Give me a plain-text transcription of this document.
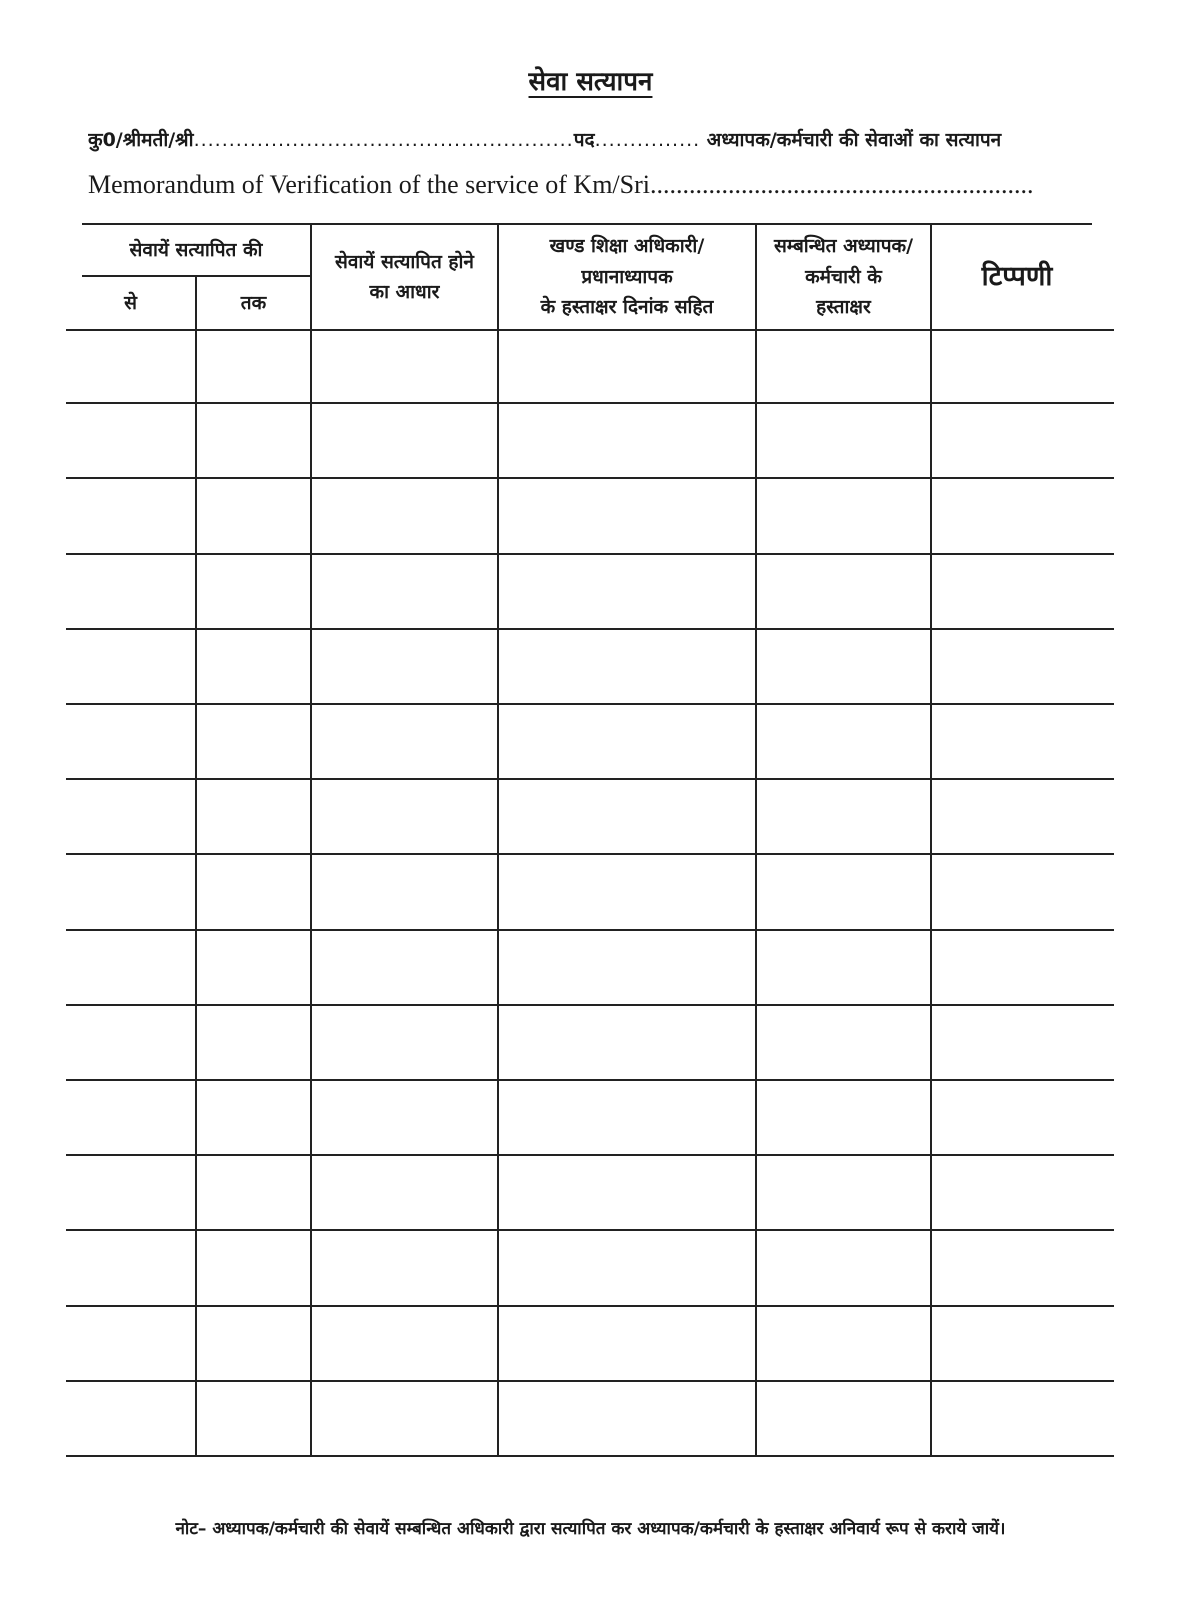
सेवा सत्यापन
कु0/श्रीमती/श्री......................................................पद............... अध्यापक/कर्मचारी की सेवाओं का सत्यापन
Memorandum of Verification of the service of Km/Sri...........................................................
सेवायें सत्यापित की
से	तक
सेवायें सत्यापित होने
का आधार
खण्ड शिक्षा अधिकारी/
प्रधानाध्यापक
के हस्ताक्षर दिनांक सहित
सम्बन्धित अध्यापक/
कर्मचारी के
हस्ताक्षर
टिप्पणी
नोट– अध्यापक/कर्मचारी की सेवायें सम्बन्धित अधिकारी द्वारा सत्यापित कर अध्यापक/कर्मचारी के हस्ताक्षर अनिवार्य रूप से कराये जायें।
